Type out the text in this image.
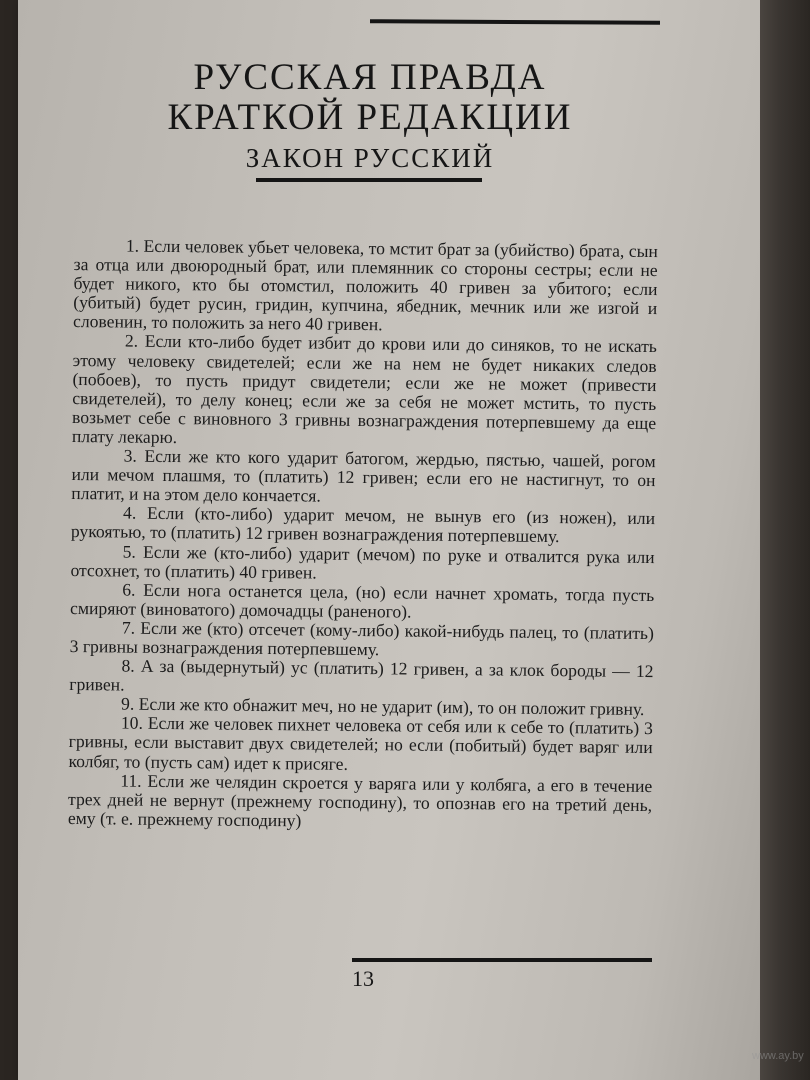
РУССКАЯ ПРАВДА
КРАТКОЙ РЕДАКЦИИ
ЗАКОН РУССКИЙ

1. Если человек убьет человека, то мстит брат за (убийство) брата, сын за отца или двоюродный брат, или племянник со стороны сестры; если не будет никого, кто бы отомстил, положить 40 гривен за убитого; если (убитый) будет русин, гридин, купчина, ябедник, мечник или же изгой и словенин, то положить за него 40 гривен.

2. Если кто-либо будет избит до крови или до синяков, то не искать этому человеку свидетелей; если же на нем не будет никаких следов (побоев), то пусть придут свидетели; если же не может (привести свидетелей), то делу конец; если же за себя не может мстить, то пусть возьмет себе с виновного 3 гривны вознаграждения потерпевшему да еще плату лекарю.

3. Если же кто кого ударит батогом, жердью, пястью, чашей, рогом или мечом плашмя, то (платить) 12 гривен; если его не настигнут, то он платит, и на этом дело кончается.

4. Если (кто-либо) ударит мечом, не вынув его (из ножен), или рукоятью, то (платить) 12 гривен вознаграждения потерпевшему.

5. Если же (кто-либо) ударит (мечом) по руке и отвалится рука или отсохнет, то (платить) 40 гривен.

6. Если нога останется цела, (но) если начнет хромать, тогда пусть смиряют (виноватого) домочадцы (раненого).

7. Если же (кто) отсечет (кому-либо) какой-нибудь палец, то (платить) 3 гривны вознаграждения потерпевшему.

8. А за (выдернутый) ус (платить) 12 гривен, а за клок бороды — 12 гривен.

9. Если же кто обнажит меч, но не ударит (им), то он положит гривну.

10. Если же человек пихнет человека от себя или к себе то (платить) 3 гривны, если выставит двух свидетелей; но если (побитый) будет варяг или колбяг, то (пусть сам) идет к присяге.

11. Если же челядин скроется у варяга или у колбяга, а его в течение трех дней не вернут (прежнему господину), то опознав его на третий день, ему (т. е. прежнему господину)

13

www.ay.by
